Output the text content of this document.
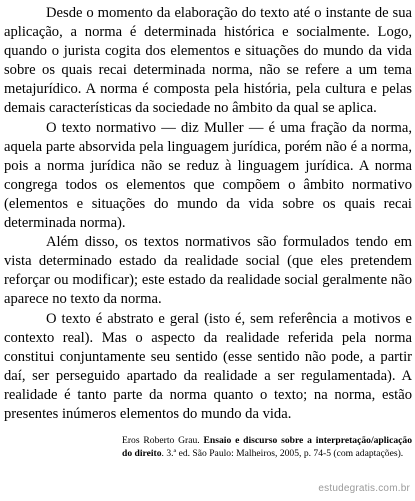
Desde o momento da elaboração do texto até o instante de sua aplicação, a norma é determinada histórica e socialmente. Logo, quando o jurista cogita dos elementos e situações do mundo da vida sobre os quais recai determinada norma, não se refere a um tema metajurídico. A norma é composta pela história, pela cultura e pelas demais características da sociedade no âmbito da qual se aplica.

O texto normativo — diz Muller — é uma fração da norma, aquela parte absorvida pela linguagem jurídica, porém não é a norma, pois a norma jurídica não se reduz à linguagem jurídica. A norma congrega todos os elementos que compõem o âmbito normativo (elementos e situações do mundo da vida sobre os quais recai determinada norma).

Além disso, os textos normativos são formulados tendo em vista determinado estado da realidade social (que eles pretendem reforçar ou modificar); este estado da realidade social geralmente não aparece no texto da norma.

O texto é abstrato e geral (isto é, sem referência a motivos e contexto real). Mas o aspecto da realidade referida pela norma constitui conjuntamente seu sentido (esse sentido não pode, a partir daí, ser perseguido apartado da realidade a ser regulamentada). A realidade é tanto parte da norma quanto o texto; na norma, estão presentes inúmeros elementos do mundo da vida.

Eros Roberto Grau. Ensaio e discurso sobre a interpretação/aplicação do direito. 3.ª ed. São Paulo: Malheiros, 2005, p. 74-5 (com adaptações).
estudegratis.com.br
